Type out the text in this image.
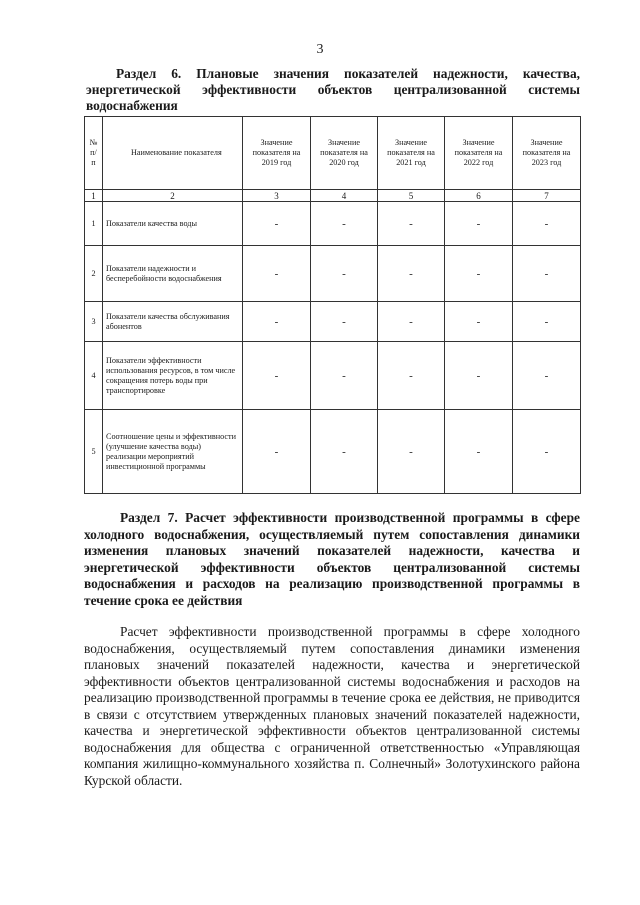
3
Раздел 6. Плановые значения показателей надежности, качества, энергетической эффективности объектов централизованной системы водоснабжения
№ п/п	Наименование показателя	Значение показателя на 2019 год	Значение показателя на 2020 год	Значение показателя на 2021 год	Значение показателя на 2022 год	Значение показателя на 2023 год
1	2	3	4	5	6	7
1	Показатели качества воды	-	-	-	-	-
2	Показатели надежности и бесперебойности водоснабжения	-	-	-	-	-
3	Показатели качества обслуживания абонентов	-	-	-	-	-
4	Показатели эффективности использования ресурсов, в том числе сокращения потерь воды при транспортировке	-	-	-	-	-
5	Соотношение цены и эффективности (улучшение качества воды) реализации мероприятий инвестиционной программы	-	-	-	-	-
Раздел 7. Расчет эффективности производственной программы в сфере холодного водоснабжения, осуществляемый путем сопоставления динамики изменения плановых значений показателей надежности, качества и энергетической эффективности объектов централизованной системы водоснабжения и расходов на реализацию производственной программы в течение срока ее действия
Расчет эффективности производственной программы в сфере холодного водоснабжения, осуществляемый путем сопоставления динамики изменения плановых значений показателей надежности, качества и энергетической эффективности объектов централизованной системы водоснабжения и расходов на реализацию производственной программы в течение срока ее действия, не приводится в связи с отсутствием утвержденных плановых значений показателей надежности, качества и энергетической эффективности объектов централизованной системы водоснабжения для общества с ограниченной ответственностью «Управляющая компания жилищно-коммунального хозяйства п. Солнечный» Золотухинского района Курской области.
